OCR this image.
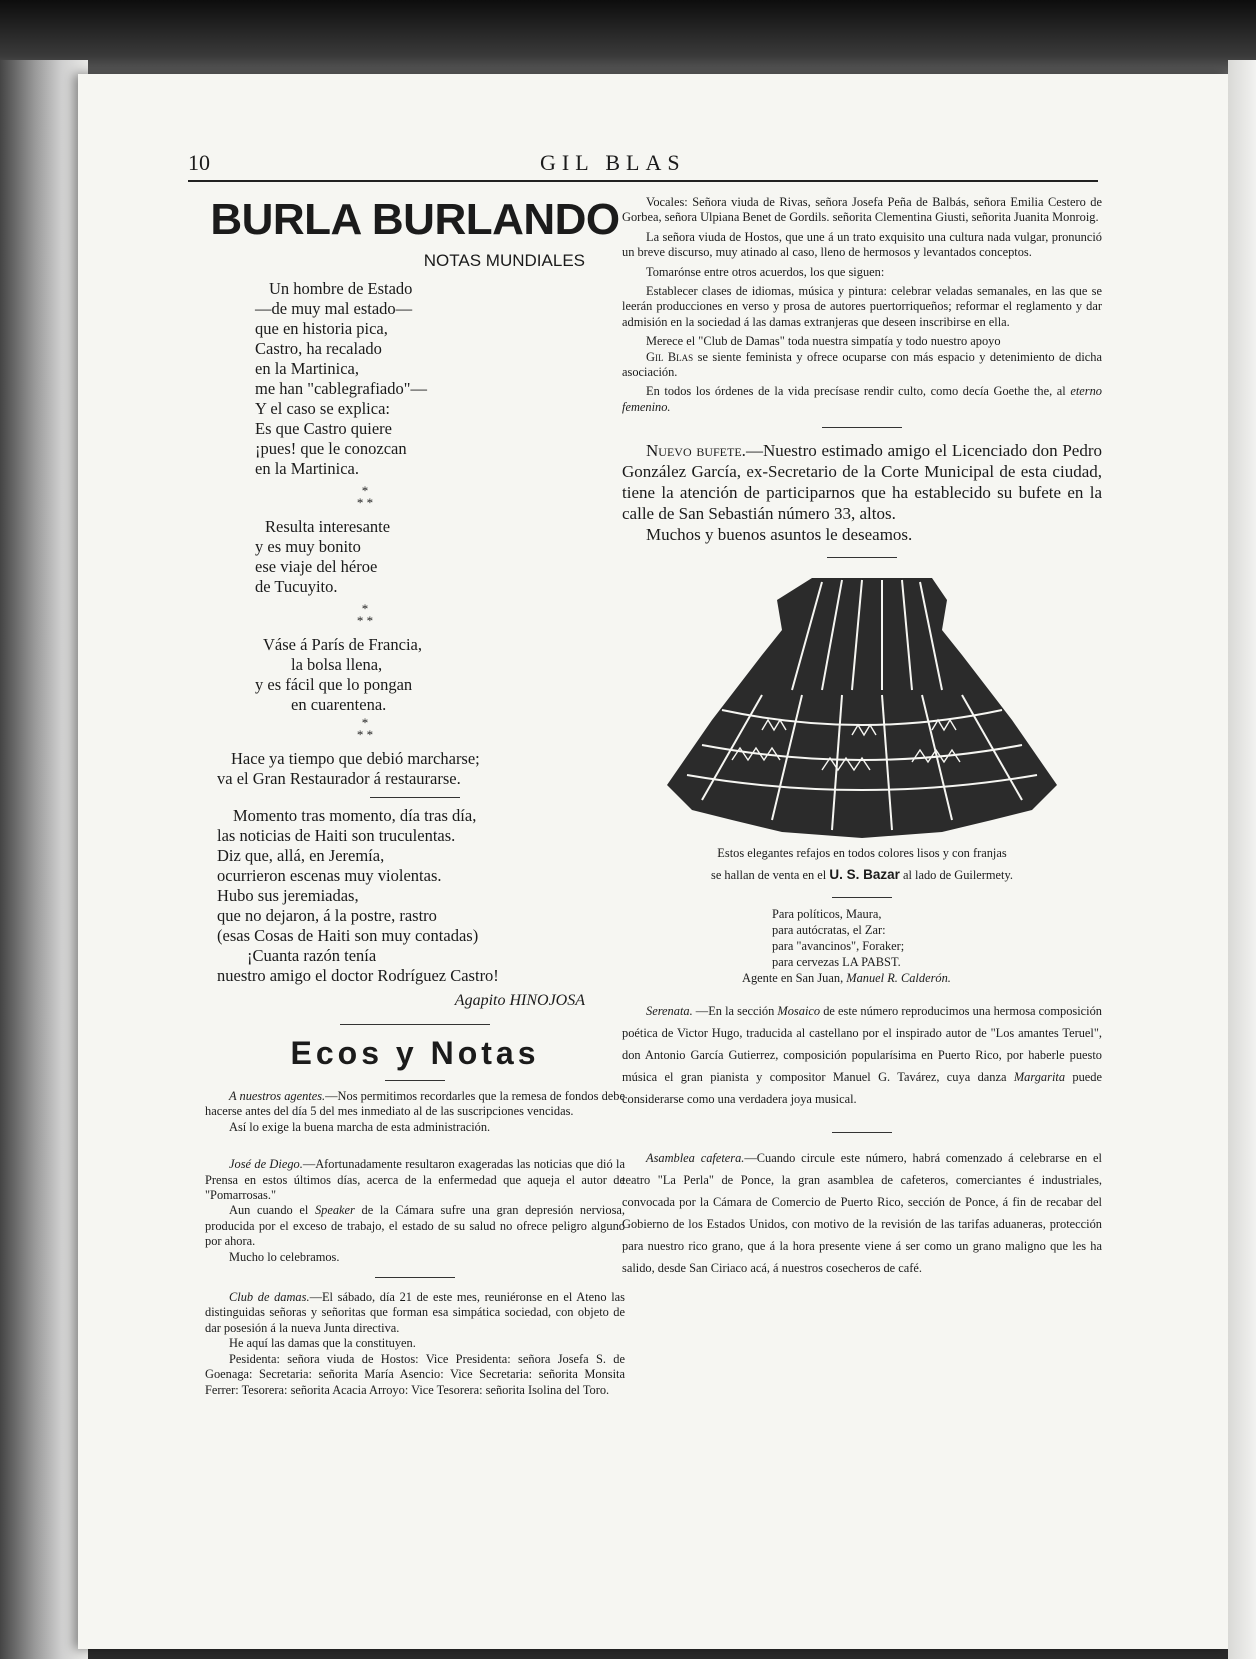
10	GIL BLAS
BURLA BURLANDO
NOTAS MUNDIALES
Un hombre de Estado
—de muy mal estado—
que en historia pica,
Castro, ha recalado
en la Martinica,
me han "cablegrafiado"—
Y el caso se explica:
Es que Castro quiere
¡pues! que le conozcan
en la Martinica.
*
* *
Resulta interesante
y es muy bonito
ese viaje del héroe
de Tucuyito.
*
* *
Váse á París de Francia,
la bolsa llena,
y es fácil que lo pongan
en cuarentena.
*
* *
Hace ya tiempo que debió marcharse;
va el Gran Restaurador á restaurarse.
Momento tras momento, día tras día,
las noticias de Haiti son truculentas.
Diz que, allá, en Jeremía,
ocurrieron escenas muy violentas.
Hubo sus jeremiadas,
que no dejaron, á la postre, rastro
(esas Cosas de Haiti son muy contadas)
¡Cuanta razón tenía
nuestro amigo el doctor Rodríguez Castro!
Agapito HINOJOSA
Ecos y Notas

A nuestros agentes.—Nos permitimos recordarles que la remesa de fondos debe hacerse antes del día 5 del mes inmediato al de las suscripciones vencidas.

Así lo exige la buena marcha de esta administración.

José de Diego.—Afortunadamente resultaron exageradas las noticias que dió la Prensa en estos últimos días, acerca de la enfermedad que aqueja el autor de "Pomarrosas."

Aun cuando el Speaker de la Cámara sufre una gran depresión nerviosa, producida por el exceso de trabajo, el estado de su salud no ofrece peligro alguno por ahora.

Mucho lo celebramos.

Club de damas.—El sábado, día 21 de este mes, reuniéronse en el Ateno las distinguidas señoras y señoritas que forman esa simpática sociedad, con objeto de dar posesión á la nueva Junta directiva.

He aquí las damas que la constituyen.

Pesidenta: señora viuda de Hostos: Vice Presidenta: señora Josefa S. de Goenaga: Secretaria: señorita María Asencio: Vice Secretaria: señorita Monsita Ferrer: Tesorera: señorita Acacia Arroyo: Vice Tesorera: señorita Isolina del Toro.

Vocales: Señora viuda de Rivas, señora Josefa Peña de Balbás, señora Emilia Cestero de Gorbea, señora Ulpiana Benet de Gordils. señorita Clementina Giusti, señorita Juanita Monroig.

La señora viuda de Hostos, que une á un trato exquisito una cultura nada vulgar, pronunció un breve discurso, muy atinado al caso, lleno de hermosos y levantados conceptos.

Tomarónse entre otros acuerdos, los que siguen:

Establecer clases de idiomas, música y pintura: celebrar veladas semanales, en las que se leerán producciones en verso y prosa de autores puertorriqueños; reformar el reglamento y dar admisión en la sociedad á las damas extranjeras que deseen inscribirse en ella.

Merece el "Club de Damas" toda nuestra simpatía y todo nuestro apoyo

Gil Blas se siente feminista y ofrece ocuparse con más espacio y detenimiento de dicha asociación.

En todos los órdenes de la vida precísase rendir culto, como decía Goethe the, al eterno femenino.

Nuevo bufete.—Nuestro estimado amigo el Licenciado don Pedro González García, ex-Secretario de la Corte Municipal de esta ciudad, tiene la atención de participarnos que ha establecido su bufete en la calle de San Sebastián número 33, altos.

Muchos y buenos asuntos le deseamos.

Estos elegantes refajos en todos colores lisos y con franjas

se hallan de venta en el U. S. Bazar al lado de Guilermety.

Para políticos, Maura,
para autócratas, el Zar:
para "avancinos", Foraker;
para cervezas LA PABST.
Agente en San Juan, Manuel R. Calderón.

Serenata. —En la sección Mosaico de este número reproducimos una hermosa composición poética de Victor Hugo, traducida al castellano por el inspirado autor de "Los amantes Teruel", don Antonio García Gutierrez, composición popularísima en Puerto Rico, por haberle puesto música el gran pianista y compositor Manuel G. Tavárez, cuya danza Margarita puede considerarse como una verdadera joya musical.

Asamblea cafetera.—Cuando circule este número, habrá comenzado á celebrarse en el teatro "La Perla" de Ponce, la gran asamblea de cafeteros, comerciantes é industriales, convocada por la Cámara de Comercio de Puerto Rico, sección de Ponce, á fin de recabar del Gobierno de los Estados Unidos, con motivo de la revisión de las tarifas aduaneras, protección para nuestro rico grano, que á la hora presente viene á ser como un grano maligno que les ha salido, desde San Ciriaco acá, á nuestros cosecheros de café.
